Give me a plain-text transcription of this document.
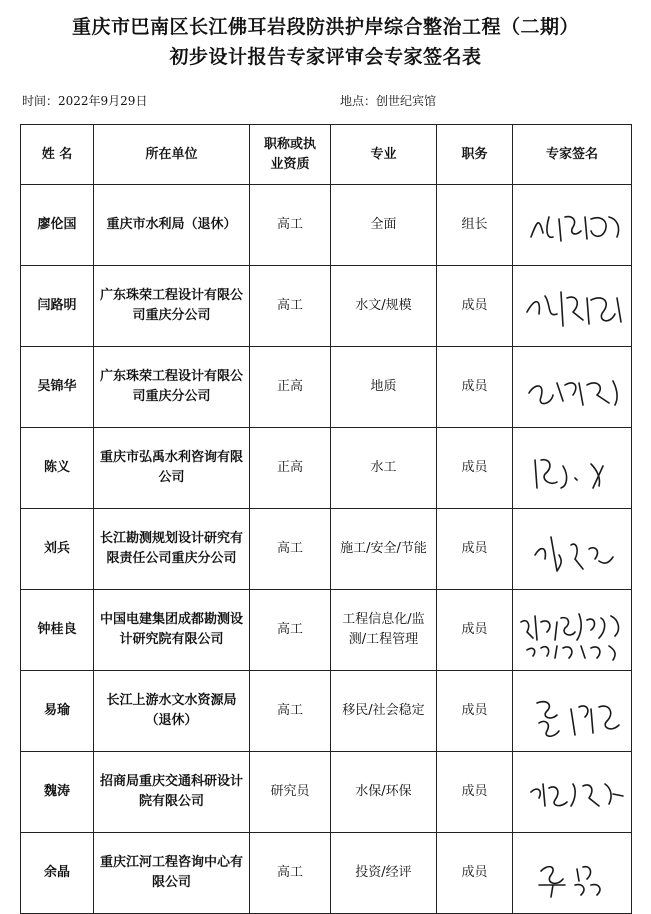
重庆市巴南区长江佛耳岩段防洪护岸综合整治工程（二期）
初步设计报告专家评审会专家签名表
时间：2022年9月29日	地点：创世纪宾馆
姓 名	所在单位	职称或执业资质	专业	职务	专家签名
廖伦国	重庆市水利局（退休）	高工	全面	组长	

闫路明	广东珠荣工程设计有限公司重庆分公司	高工	水文/规模	成员	

吴锦华	广东珠荣工程设计有限公司重庆分公司	正高	地质	成员	

陈义	重庆市弘禹水利咨询有限公司	正高	水工	成员	

刘兵	长江勘测规划设计研究有限责任公司重庆分公司	高工	施工/安全/节能	成员	

钟桂良	中国电建集团成都勘测设计研究院有限公司	高工	工程信息化/监测/工程管理	成员	

易瑜	长江上游水文水资源局（退休）	高工	移民/社会稳定	成员	

魏涛	招商局重庆交通科研设计院有限公司	研究员	水保/环保	成员	

余晶	重庆江河工程咨询中心有限公司	高工	投资/经评	成员	
